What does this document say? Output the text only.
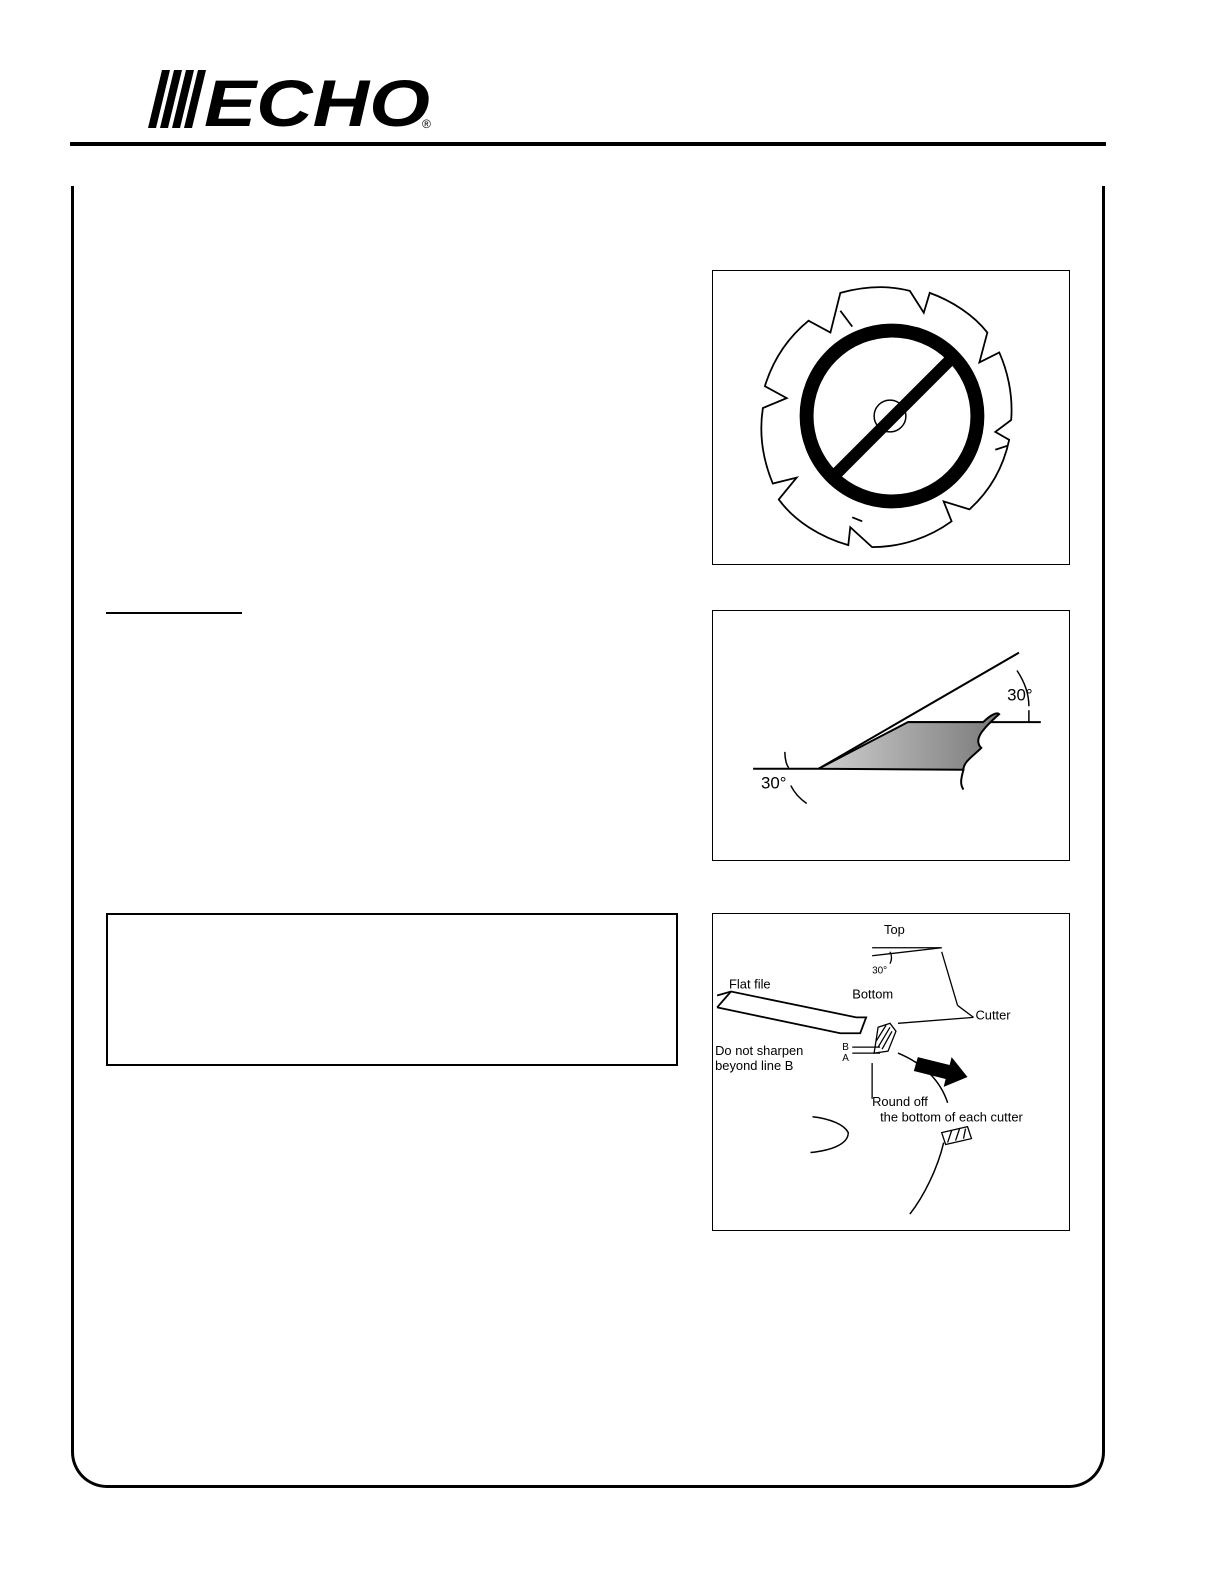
ECHO
®
30°
30°
Top
30°
Flat file
Bottom
Cutter
B
A
Do not sharpen
beyond line B
Round off
the bottom of each cutter
